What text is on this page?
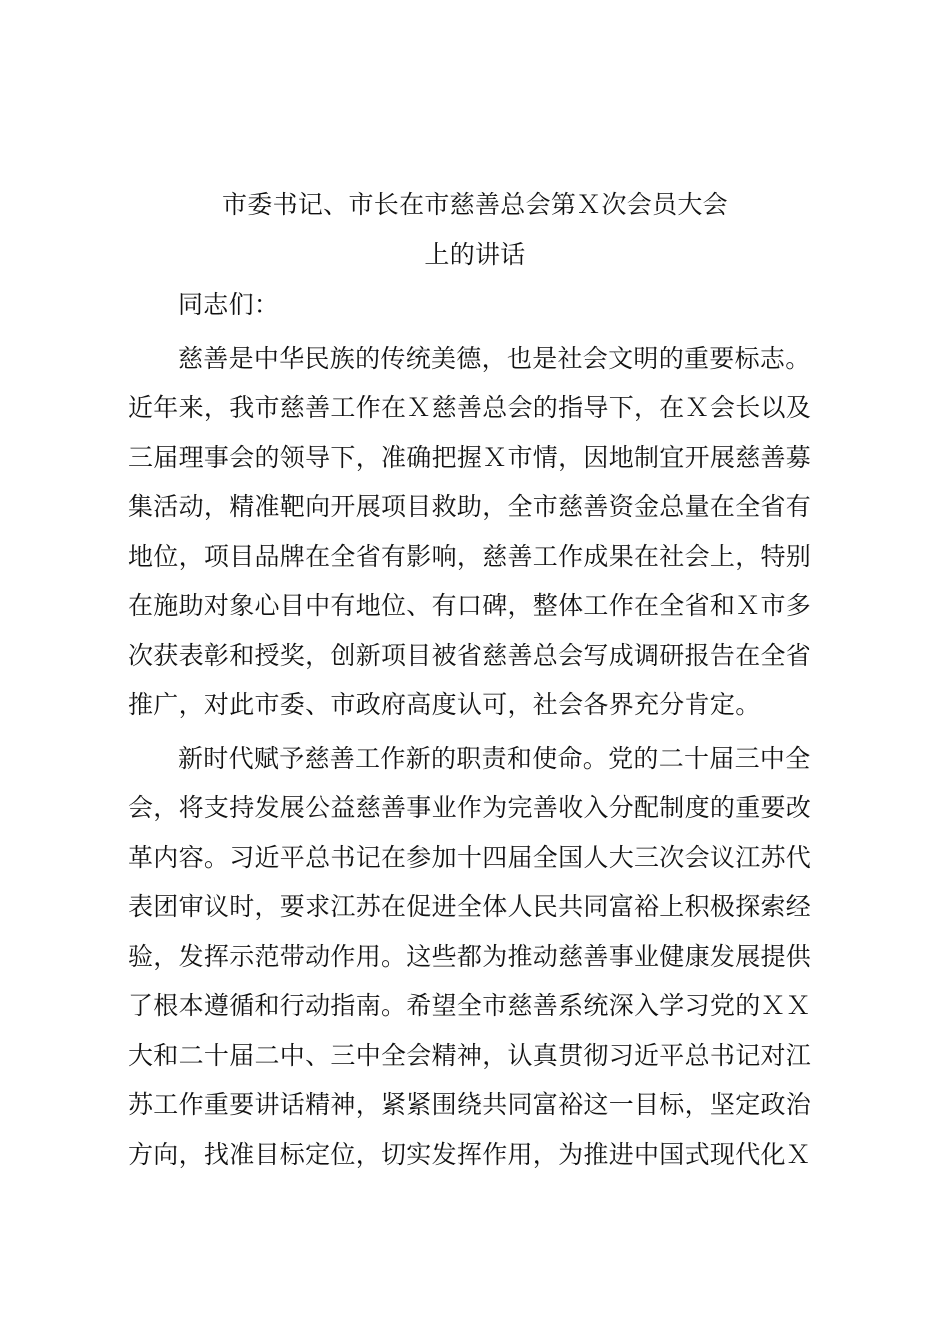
市委书记、市长在市慈善总会第Ｘ次会员大会
上的讲话
同志们：
慈善是中华民族的传统美德，也是社会文明的重要标志。
近年来，我市慈善工作在Ｘ慈善总会的指导下，在Ｘ会长以及
三届理事会的领导下，准确把握Ｘ市情，因地制宜开展慈善募
集活动，精准靶向开展项目救助，全市慈善资金总量在全省有
地位，项目品牌在全省有影响，慈善工作成果在社会上，特别
在施助对象心目中有地位、有口碑，整体工作在全省和Ｘ市多
次获表彰和授奖，创新项目被省慈善总会写成调研报告在全省
推广，对此市委、市政府高度认可，社会各界充分肯定。
新时代赋予慈善工作新的职责和使命。党的二十届三中全
会，将支持发展公益慈善事业作为完善收入分配制度的重要改
革内容。习近平总书记在参加十四届全国人大三次会议江苏代
表团审议时，要求江苏在促进全体人民共同富裕上积极探索经
验，发挥示范带动作用。这些都为推动慈善事业健康发展提供
了根本遵循和行动指南。希望全市慈善系统深入学习党的ＸＸ
大和二十届二中、三中全会精神，认真贯彻习近平总书记对江
苏工作重要讲话精神，紧紧围绕共同富裕这一目标，坚定政治
方向，找准目标定位，切实发挥作用，为推进中国式现代化Ｘ
